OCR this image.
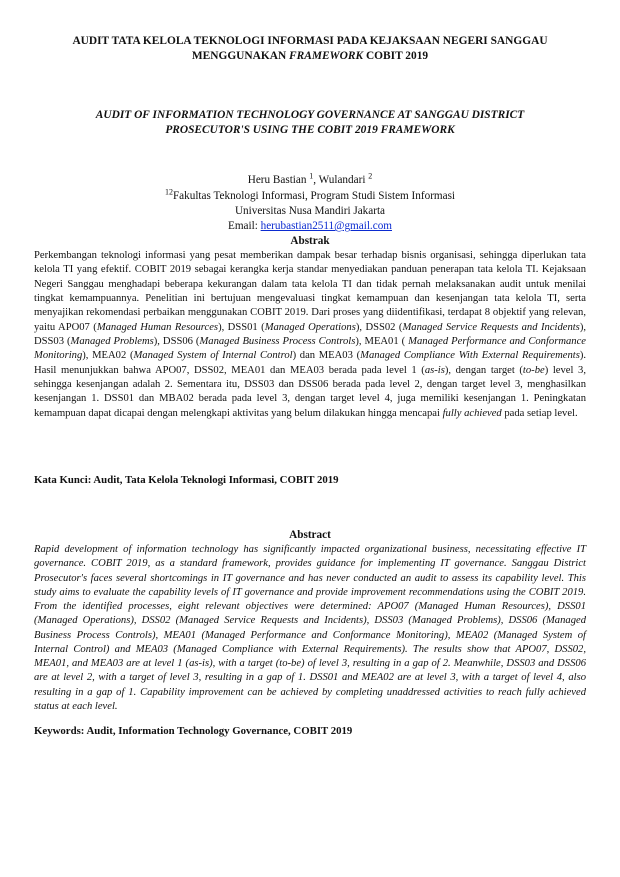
AUDIT TATA KELOLA TEKNOLOGI INFORMASI PADA KEJAKSAAN NEGERI SANGGAU
MENGGUNAKAN FRAMEWORK COBIT 2019

AUDIT OF INFORMATION TECHNOLOGY GOVERNANCE AT SANGGAU DISTRICT
PROSECUTOR'S USING THE COBIT 2019 FRAMEWORK

Heru Bastian $^1$, Wulandari $^2$

$^{12}$Fakultas Teknologi Informasi, Program Studi Sistem Informasi

Universitas Nusa Mandiri Jakarta

Email: herubastian2511@gmail.com

Abstrak

Perkembangan teknologi informasi yang pesat memberikan dampak besar terhadap bisnis organisasi, sehingga diperlukan tata kelola TI yang efektif. COBIT 2019 sebagai kerangka kerja standar menyediakan panduan penerapan tata kelola TI. Kejaksaan Negeri Sanggau menghadapi beberapa kekurangan dalam tata kelola TI dan tidak pernah melaksanakan audit untuk menilai tingkat kemampuannya. Penelitian ini bertujuan mengevaluasi tingkat kemampuan dan kesenjangan tata kelola TI, serta menyajikan rekomendasi perbaikan menggunakan COBIT 2019. Dari proses yang diidentifikasi, terdapat 8 objektif yang relevan, yaitu APO07 (Managed Human Resources), DSS01 (Managed Operations), DSS02 (Managed Service Requests and Incidents), DSS03 (Managed Problems), DSS06 (Managed Business Process Controls), MEA01 ( Managed Performance and Conformance Monitoring), MEA02 (Managed System of Internal Control) dan MEA03 (Managed Compliance With External Requirements). Hasil menunjukkan bahwa APO07, DSS02, MEA01 dan MEA03 berada pada level 1 (as-is), dengan target (to-be) level 3, sehingga kesenjangan adalah 2. Sementara itu, DSS03 dan DSS06 berada pada level 2, dengan target level 3, menghasilkan kesenjangan 1. DSS01 dan MBA02 berada pada level 3, dengan target level 4, juga memiliki kesenjangan 1. Peningkatan kemampuan dapat dicapai dengan melengkapi aktivitas yang belum dilakukan hingga mencapai fully achieved pada setiap level.

Kata Kunci: Audit, Tata Kelola Teknologi Informasi, COBIT 2019

Abstract

Rapid development of information technology has significantly impacted organizational business, necessitating effective IT governance. COBIT 2019, as a standard framework, provides guidance for implementing IT governance. Sanggau District Prosecutor's faces several shortcomings in IT governance and has never conducted an audit to assess its capability level. This study aims to evaluate the capability levels of IT governance and provide improvement recommendations using the COBIT 2019. From the identified processes, eight relevant objectives were determined: APO07 (Managed Human Resources), DSS01 (Managed Operations), DSS02 (Managed Service Requests and Incidents), DSS03 (Managed Problems), DSS06 (Managed Business Process Controls), MEA01 (Managed Performance and Conformance Monitoring), MEA02 (Managed System of Internal Control) and MEA03 (Managed Compliance with External Requirements). The results show that APO07, DSS02, MEA01, and MEA03 are at level 1 (as-is), with a target (to-be) of level 3, resulting in a gap of 2. Meanwhile, DSS03 and DSS06 are at level 2, with a target of level 3, resulting in a gap of 1. DSS01 and MEA02 are at level 3, with a target of level 4, also resulting in a gap of 1. Capability improvement can be achieved by completing unaddressed activities to reach fully achieved status at each level.

Keywords: Audit, Information Technology Governance, COBIT 2019
